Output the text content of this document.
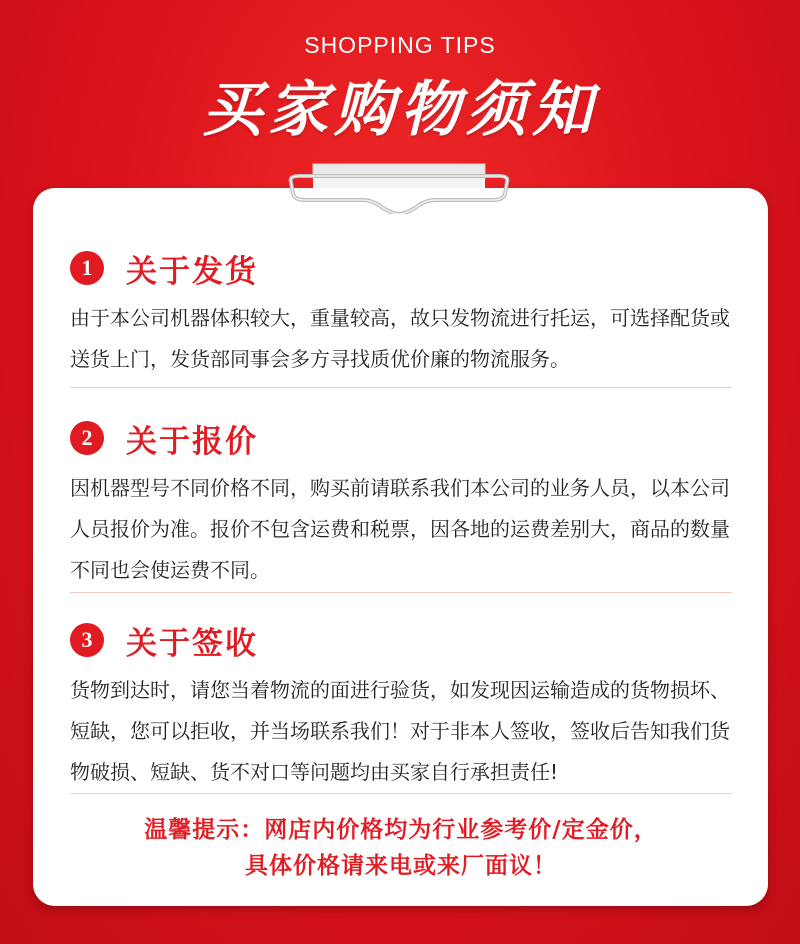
SHOPPING TIPS
买家购物须知
1	关于发货
由于本公司机器体积较大，重量较高，故只发物流进行托运，可选择配货或送货上门，发货部同事会多方寻找质优价廉的物流服务。
2	关于报价
因机器型号不同价格不同，购买前请联系我们本公司的业务人员，以本公司人员报价为准。报价不包含运费和税票，因各地的运费差别大，商品的数量不同也会使运费不同。
3	关于签收
货物到达时，请您当着物流的面进行验货，如发现因运输造成的货物损坏、短缺，您可以拒收，并当场联系我们！对于非本人签收，签收后告知我们货物破损、短缺、货不对口等问题均由买家自行承担责任!
温馨提示：网店内价格均为行业参考价/定金价，
具体价格请来电或来厂面议！
